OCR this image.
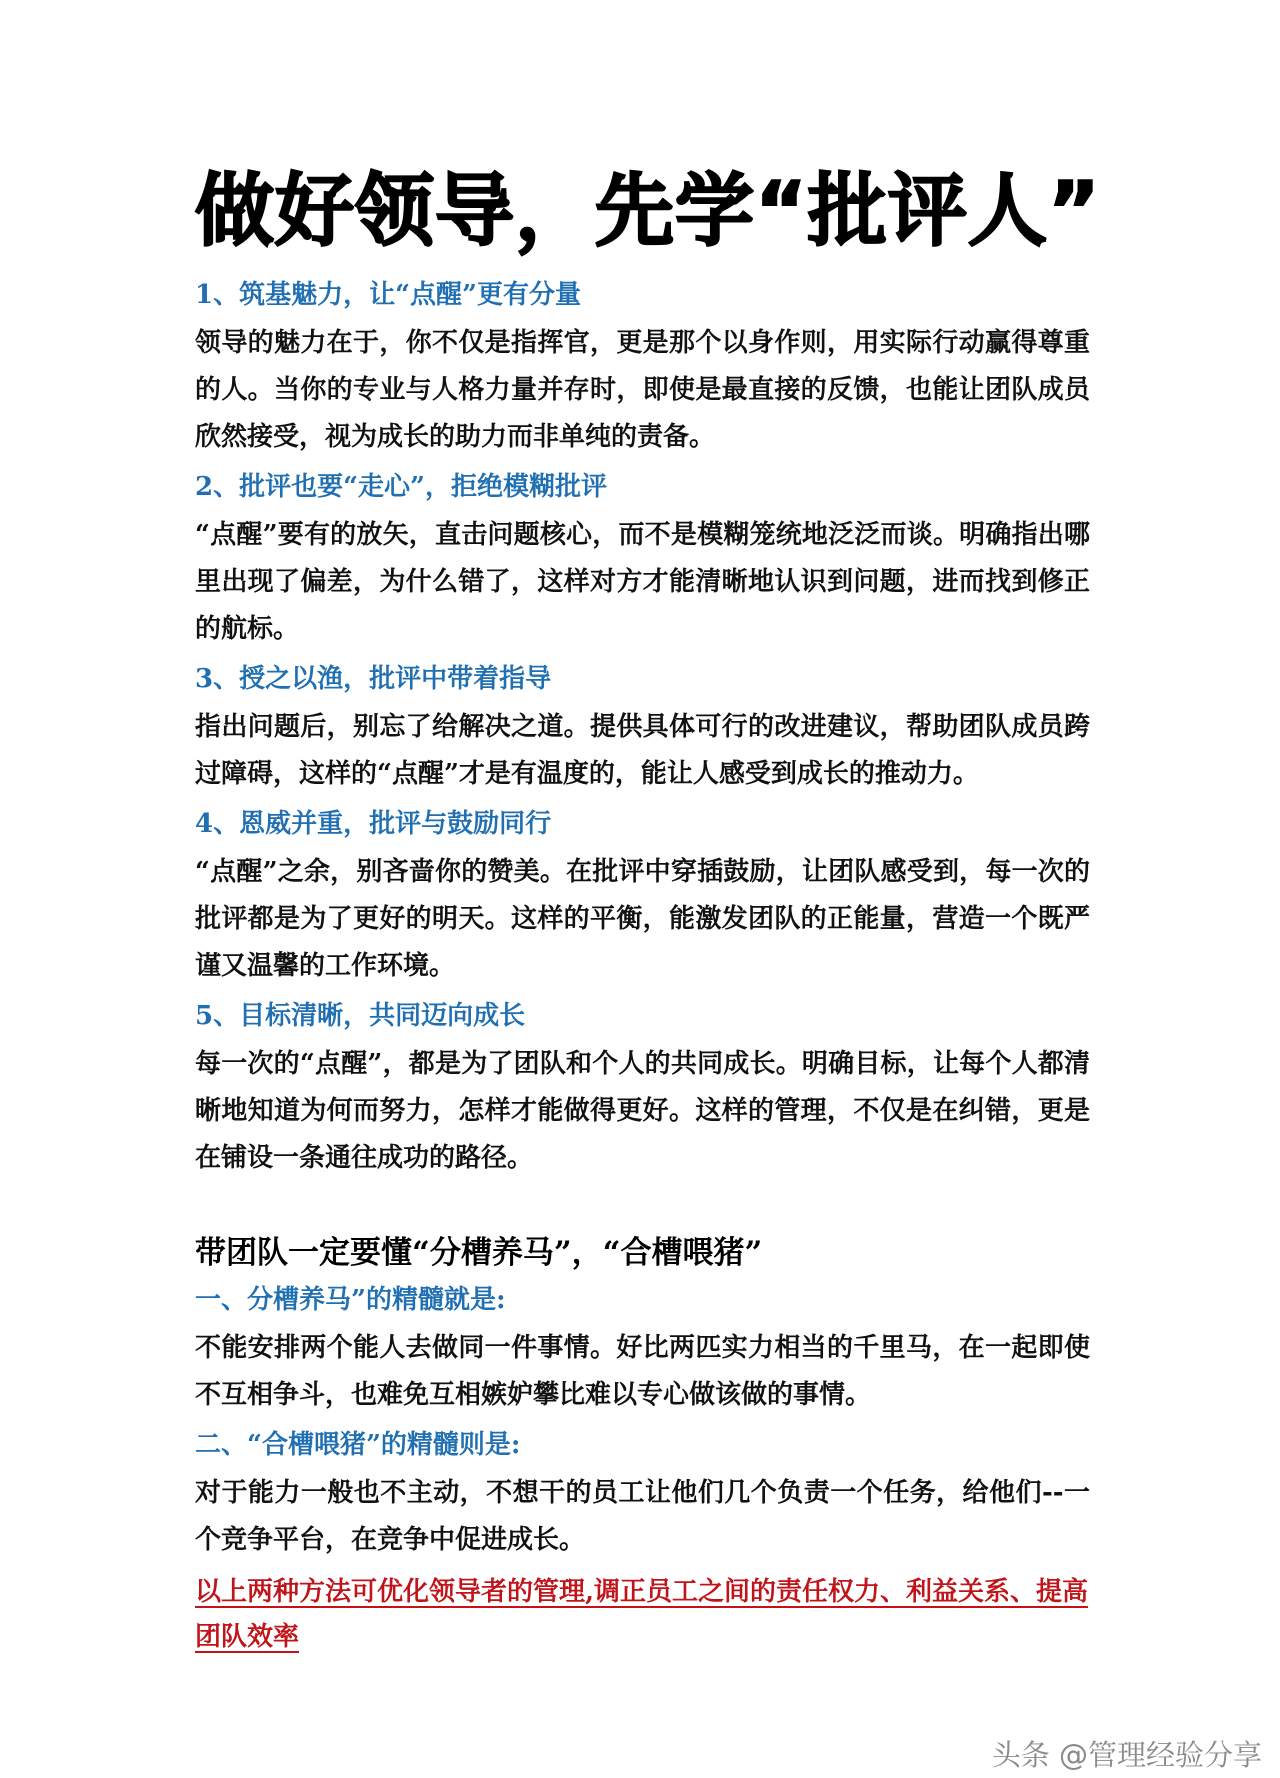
做好领导，先学“批评人”

1、筑基魅力，让“点醒”更有分量

领导的魅力在于，你不仅是指挥官，更是那个以身作则，用实际行动赢得尊重的人。当你的专业与人格力量并存时，即使是最直接的反馈，也能让团队成员欣然接受，视为成长的助力而非单纯的责备。

2、批评也要“走心”，拒绝模糊批评

“点醒”要有的放矢，直击问题核心，而不是模糊笼统地泛泛而谈。明确指出哪里出现了偏差，为什么错了，这样对方才能清晰地认识到问题，进而找到修正的航标。

3、授之以渔，批评中带着指导

指出问题后，别忘了给解决之道。提供具体可行的改进建议，帮助团队成员跨过障碍，这样的“点醒”才是有温度的，能让人感受到成长的推动力。

4、恩威并重，批评与鼓励同行

“点醒”之余，别吝啬你的赞美。在批评中穿插鼓励，让团队感受到，每一次的批评都是为了更好的明天。这样的平衡，能激发团队的正能量，营造一个既严谨又温馨的工作环境。

5、目标清晰，共同迈向成长

每一次的“点醒”，都是为了团队和个人的共同成长。明确目标，让每个人都清晰地知道为何而努力，怎样才能做得更好。这样的管理，不仅是在纠错，更是在铺设一条通往成功的路径。

带团队一定要懂“分槽养马”，“合槽喂猪”

一、分槽养马”的精髓就是:

不能安排两个能人去做同一件事情。好比两匹实力相当的千里马，在一起即使不互相争斗，也难免互相嫉妒攀比难以专心做该做的事情。

二、“合槽喂猪”的精髓则是:

对于能力一般也不主动，不想干的员工让他们几个负责一个任务，给他们--一个竞争平台，在竞争中促进成长。

以上两种方法可优化领导者的管理,调正员工之间的责任权力、利益关系、提高团队效率

头条 @管理经验分享
